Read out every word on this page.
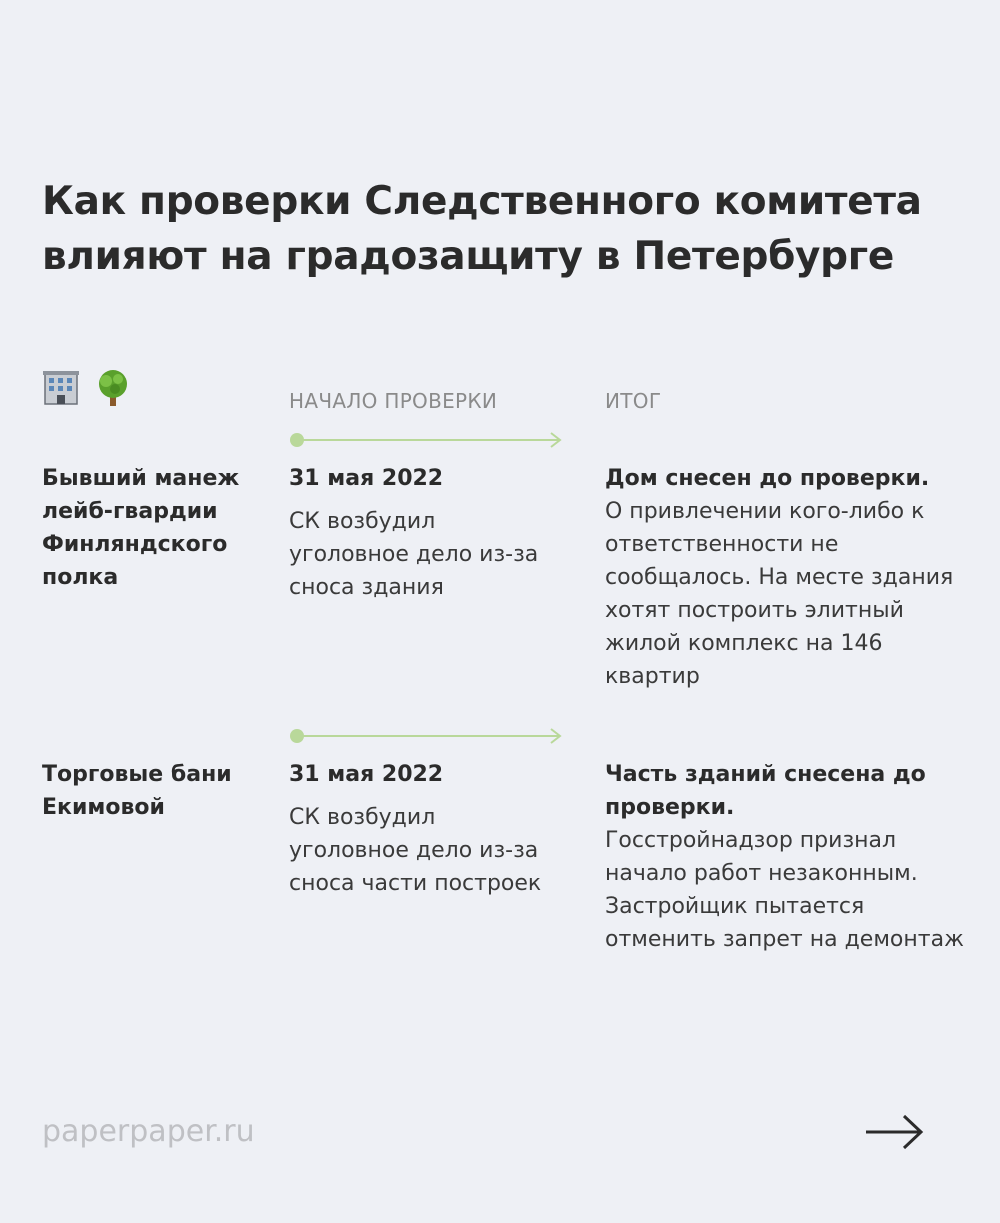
Как проверки Следственного комитета
влияют на градозащиту в Петербурге
НАЧАЛО ПРОВЕРКИ	ИТОГ
Бывший манеж лейб-гвардии Финляндского полка
31 мая 2022
СК возбудил уголовное дело из-за сноса здания
Дом снесен до проверки.
О привлечении кого-либо к ответственности не сообщалось. На месте здания хотят построить элитный жилой комплекс на 146 квартир
Торговые бани Екимовой
31 мая 2022
СК возбудил уголовное дело из-за сноса части построек
Часть зданий снесена до проверки.
Госстройнадзор признал начало работ незаконным. Застройщик пытается отменить запрет на демонтаж
paperpaper.ru
